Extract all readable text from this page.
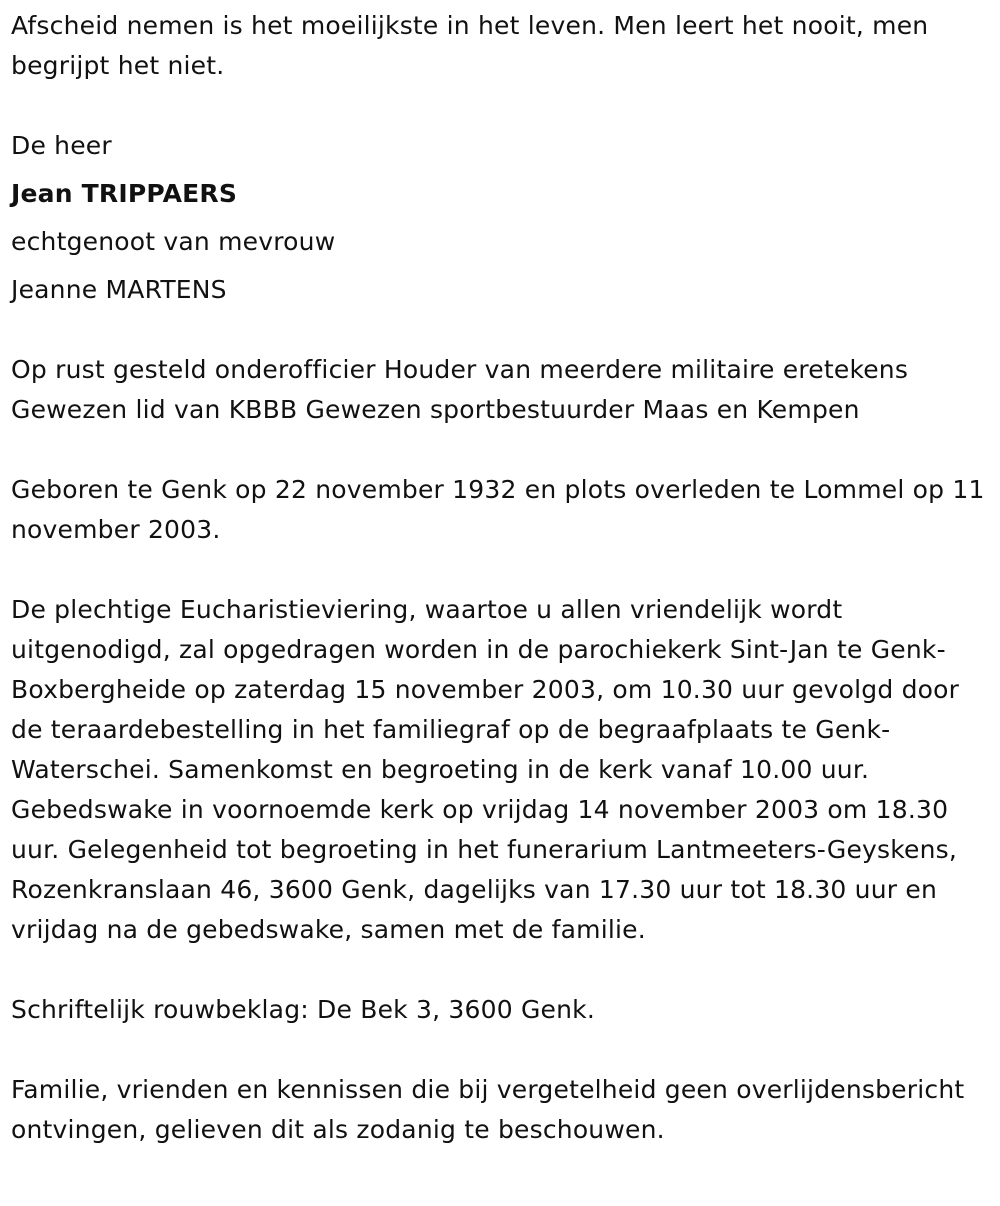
Afscheid nemen is het moeilijkste in het leven. Men leert het nooit, men begrijpt het niet.

De heer
Jean TRIPPAERS
echtgenoot van mevrouw
Jeanne MARTENS

Op rust gesteld onderofficier Houder van meerdere militaire eretekens Gewezen lid van KBBB Gewezen sportbestuurder Maas en Kempen

Geboren te Genk op 22 november 1932 en plots overleden te Lommel op 11 november 2003.

De plechtige Eucharistieviering, waartoe u allen vriendelijk wordt uitgenodigd, zal opgedragen worden in de parochiekerk Sint-Jan te Genk-Boxbergheide op zaterdag 15 november 2003, om 10.30 uur gevolgd door de teraardebestelling in het familiegraf op de begraafplaats te Genk-Waterschei. Samenkomst en begroeting in de kerk vanaf 10.00 uur. Gebedswake in voornoemde kerk op vrijdag 14 november 2003 om 18.30 uur. Gelegenheid tot begroeting in het funerarium Lantmeeters-Geyskens, Rozenkranslaan 46, 3600 Genk, dagelijks van 17.30 uur tot 18.30 uur en vrijdag na de gebedswake, samen met de familie.

Schriftelijk rouwbeklag: De Bek 3, 3600 Genk.

Familie, vrienden en kennissen die bij vergetelheid geen overlijdensbericht ontvingen, gelieven dit als zodanig te beschouwen.
